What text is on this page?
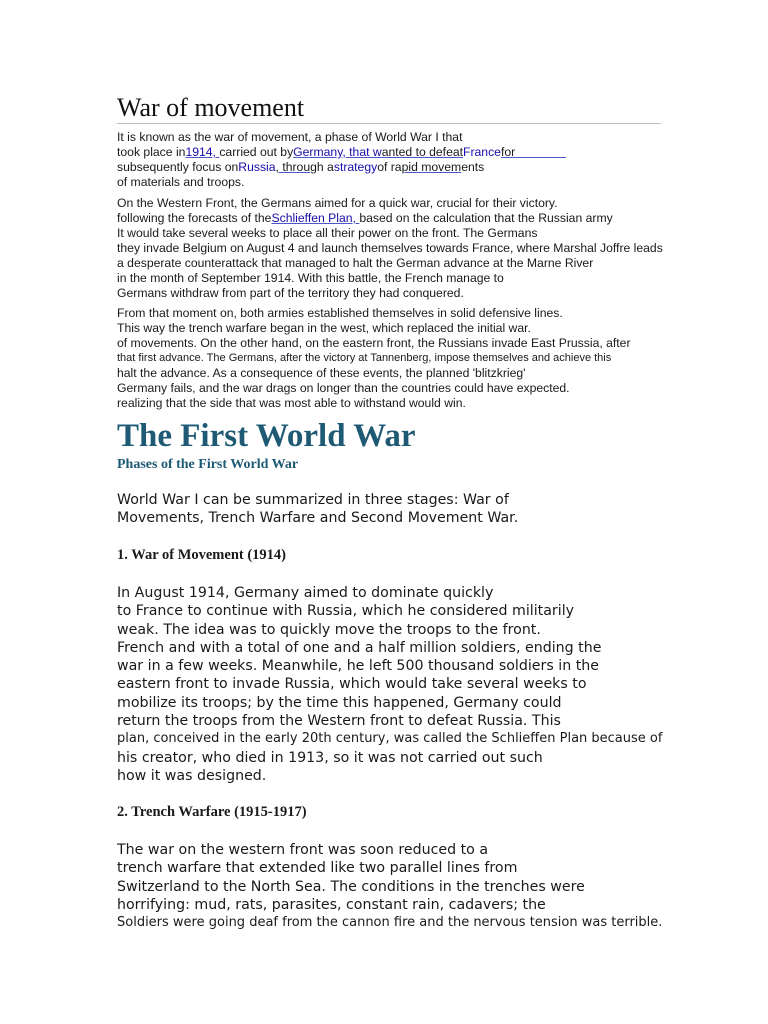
War of movement
It is known as the war of movement, a phase of World War I that
took place in1914, carried out byGermany, that wanted to defeatFrancefor
subsequently focus onRussia, through astrategyof rapid movements
of materials and troops.
On the Western Front, the Germans aimed for a quick war, crucial for their victory.
following the forecasts of theSchlieffen Plan, based on the calculation that the Russian army
It would take several weeks to place all their power on the front. The Germans
they invade Belgium on August 4 and launch themselves towards France, where Marshal Joffre leads
a desperate counterattack that managed to halt the German advance at the Marne River
in the month of September 1914. With this battle, the French manage to
Germans withdraw from part of the territory they had conquered.
From that moment on, both armies established themselves in solid defensive lines.
This way the trench warfare began in the west, which replaced the initial war.
of movements. On the other hand, on the eastern front, the Russians invade East Prussia, after
that first advance. The Germans, after the victory at Tannenberg, impose themselves and achieve this
halt the advance. As a consequence of these events, the planned 'blitzkrieg'
Germany fails, and the war drags on longer than the countries could have expected.
realizing that the side that was most able to withstand would win.
The First World War
Phases of the First World War
World War I can be summarized in three stages: War of
Movements, Trench Warfare and Second Movement War.
1. War of Movement (1914)
In August 1914, Germany aimed to dominate quickly
to France to continue with Russia, which he considered militarily
weak. The idea was to quickly move the troops to the front.
French and with a total of one and a half million soldiers, ending the
war in a few weeks. Meanwhile, he left 500 thousand soldiers in the
eastern front to invade Russia, which would take several weeks to
mobilize its troops; by the time this happened, Germany could
return the troops from the Western front to defeat Russia. This
plan, conceived in the early 20th century, was called the Schlieffen Plan because of
his creator, who died in 1913, so it was not carried out such
how it was designed.
2. Trench Warfare (1915-1917)
The war on the western front was soon reduced to a
trench warfare that extended like two parallel lines from
Switzerland to the North Sea. The conditions in the trenches were
horrifying: mud, rats, parasites, constant rain, cadavers; the
Soldiers were going deaf from the cannon fire and the nervous tension was terrible.
